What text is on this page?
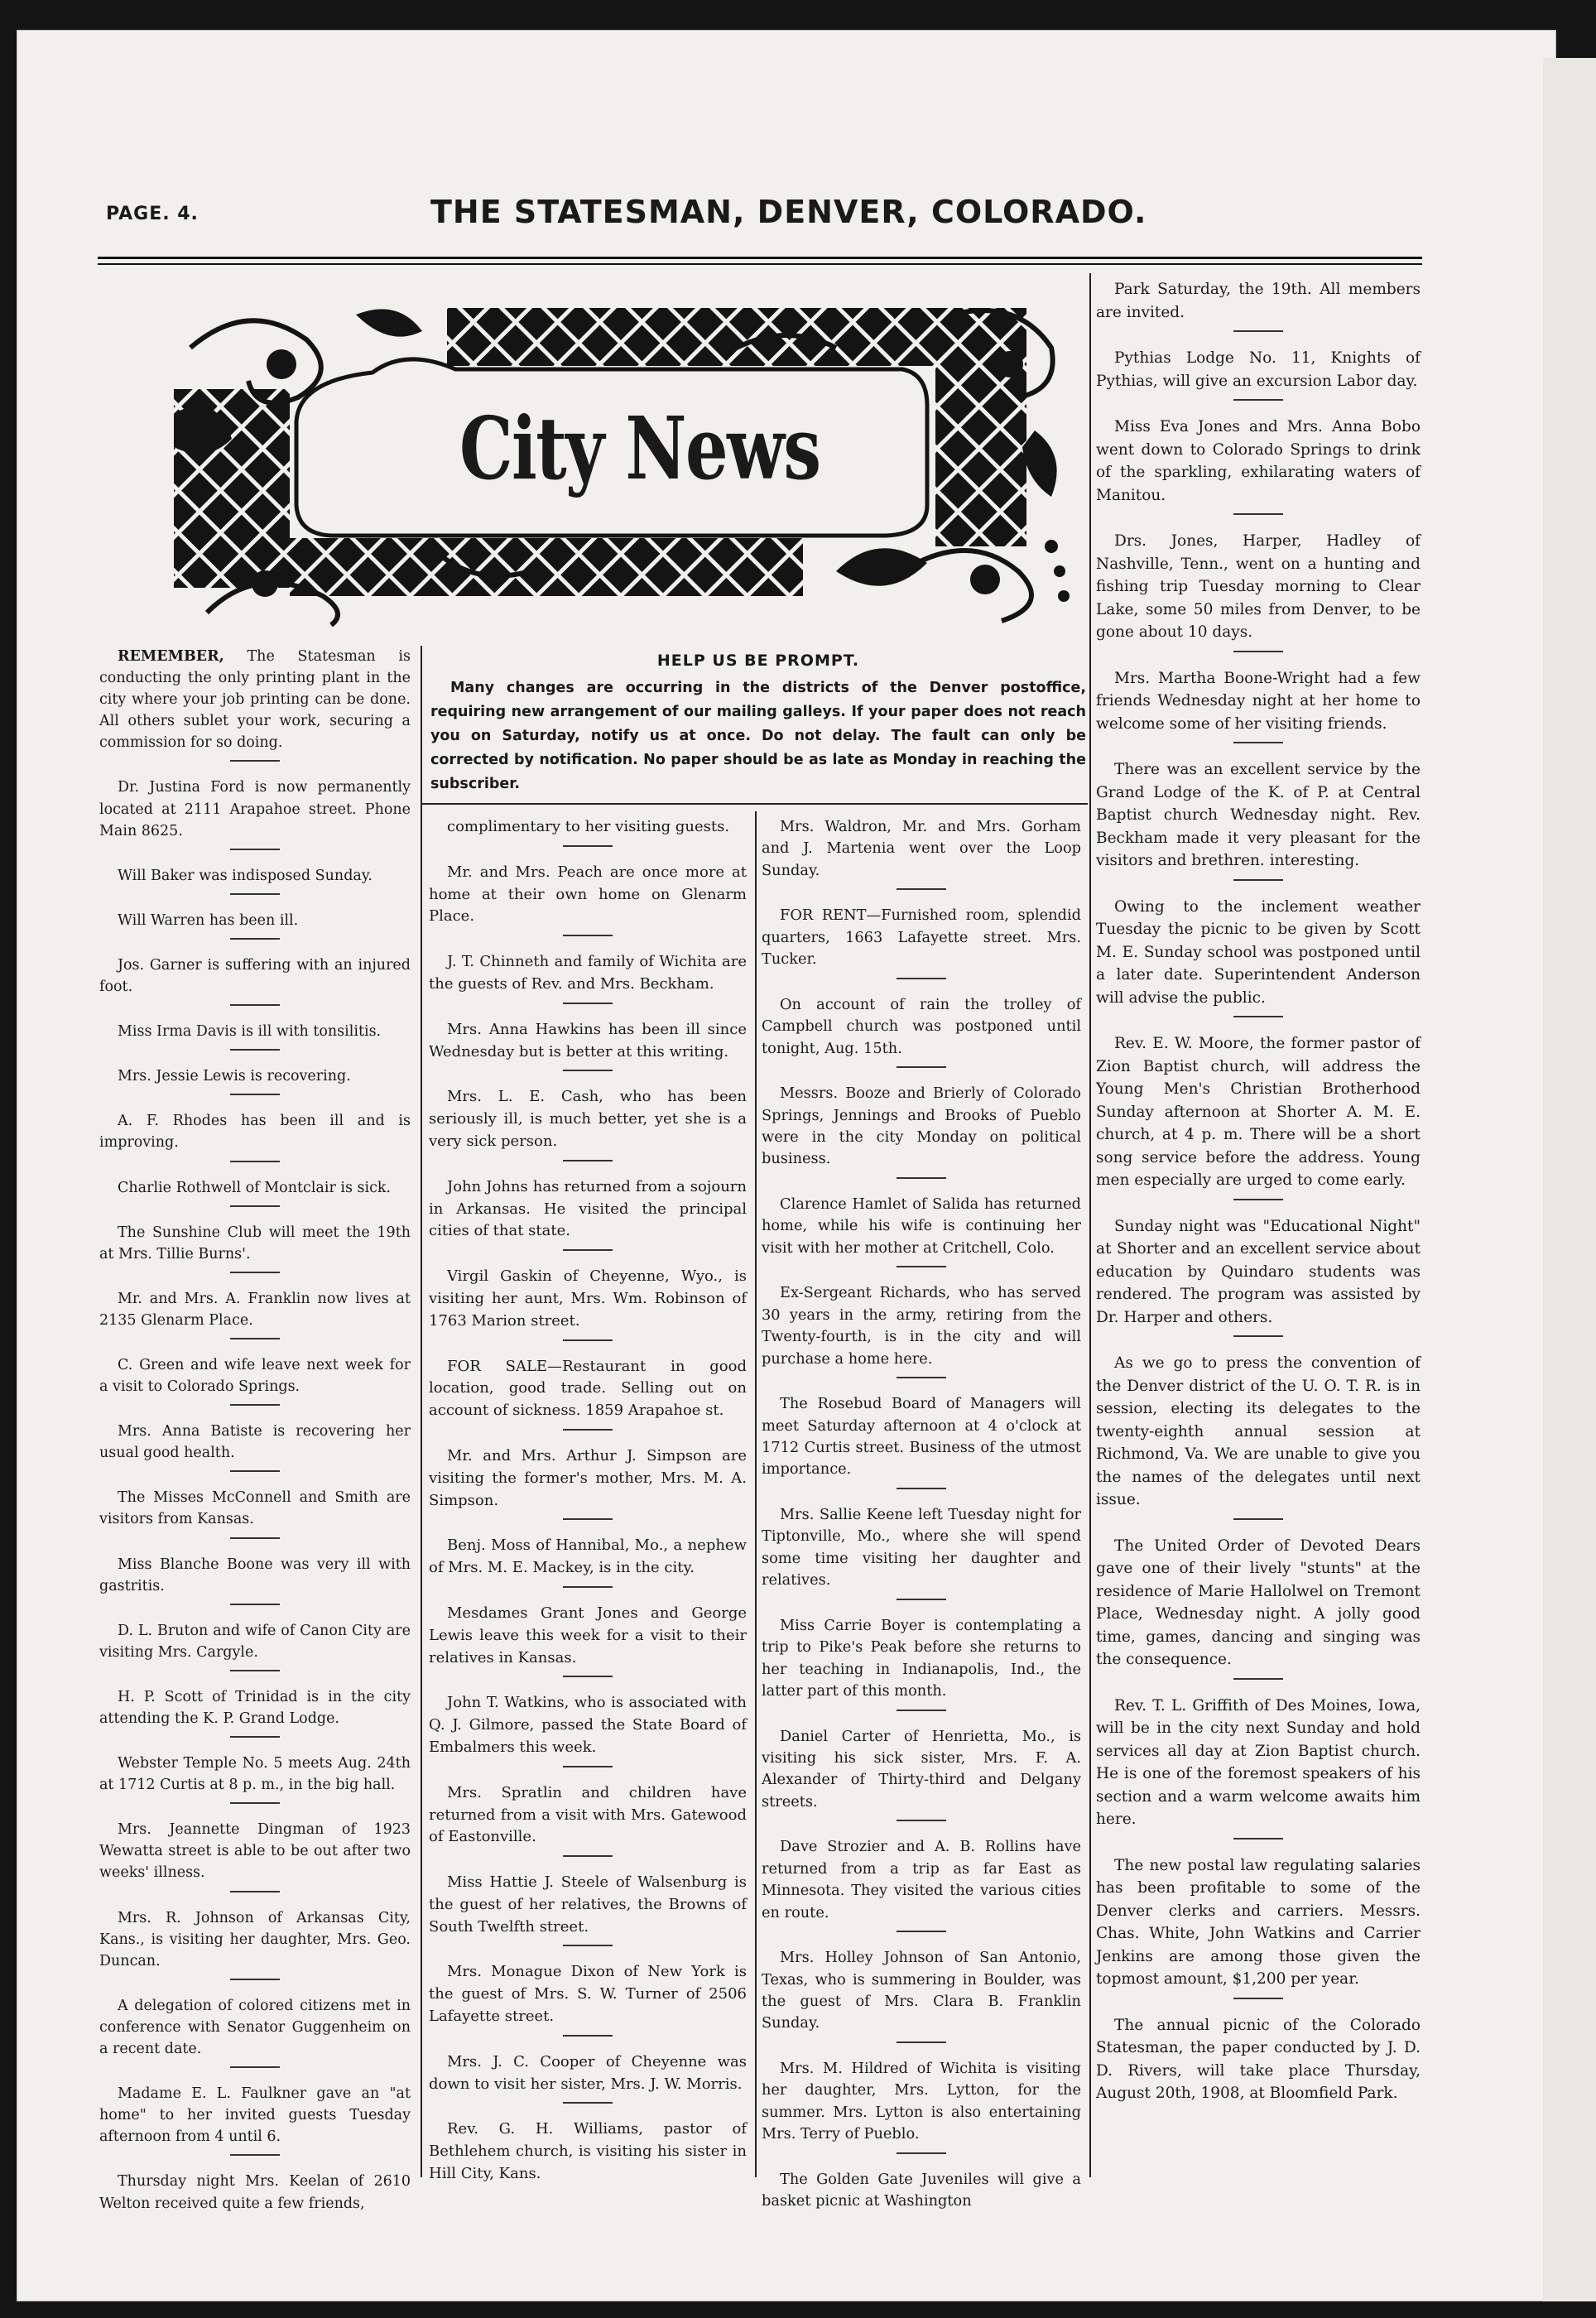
PAGE. 4.	THE STATESMAN, DENVER, COLORADO.
City News
HELP US BE PROMPT.
Many changes are occurring in the districts of the Denver postoffice, requiring new arrangement of our mailing galleys. If your paper does not reach you on Saturday, notify us at once. Do not delay. The fault can only be corrected by notification. No paper should be as late as Monday in reaching the subscriber.

REMEMBER, The Statesman is conducting the only printing plant in the city where your job printing can be done. All others sublet your work, securing a commission for so doing.

Dr. Justina Ford is now permanently located at 2111 Arapahoe street. Phone Main 8625.

Will Baker was indisposed Sunday.

Will Warren has been ill.

Jos. Garner is suffering with an injured foot.

Miss Irma Davis is ill with tonsilitis.

Mrs. Jessie Lewis is recovering.

A. F. Rhodes has been ill and is improving.

Charlie Rothwell of Montclair is sick.

The Sunshine Club will meet the 19th at Mrs. Tillie Burns'.

Mr. and Mrs. A. Franklin now lives at 2135 Glenarm Place.

C. Green and wife leave next week for a visit to Colorado Springs.

Mrs. Anna Batiste is recovering her usual good health.

The Misses McConnell and Smith are visitors from Kansas.

Miss Blanche Boone was very ill with gastritis.

D. L. Bruton and wife of Canon City are visiting Mrs. Cargyle.

H. P. Scott of Trinidad is in the city attending the K. P. Grand Lodge.

Webster Temple No. 5 meets Aug. 24th at 1712 Curtis at 8 p. m., in the big hall.

Mrs. Jeannette Dingman of 1923 Wewatta street is able to be out after two weeks' illness.

Mrs. R. Johnson of Arkansas City, Kans., is visiting her daughter, Mrs. Geo. Duncan.

A delegation of colored citizens met in conference with Senator Guggenheim on a recent date.

Madame E. L. Faulkner gave an "at home" to her invited guests Tuesday afternoon from 4 until 6.

Thursday night Mrs. Keelan of 2610 Welton received quite a few friends,

complimentary to her visiting guests.

Mr. and Mrs. Peach are once more at home at their own home on Glenarm Place.

J. T. Chinneth and family of Wichita are the guests of Rev. and Mrs. Beckham.

Mrs. Anna Hawkins has been ill since Wednesday but is better at this writing.

Mrs. L. E. Cash, who has been seriously ill, is much better, yet she is a very sick person.

John Johns has returned from a sojourn in Arkansas. He visited the principal cities of that state.

Virgil Gaskin of Cheyenne, Wyo., is visiting her aunt, Mrs. Wm. Robinson of 1763 Marion street.

FOR SALE—Restaurant in good location, good trade. Selling out on account of sickness. 1859 Arapahoe st.

Mr. and Mrs. Arthur J. Simpson are visiting the former's mother, Mrs. M. A. Simpson.

Benj. Moss of Hannibal, Mo., a nephew of Mrs. M. E. Mackey, is in the city.

Mesdames Grant Jones and George Lewis leave this week for a visit to their relatives in Kansas.

John T. Watkins, who is associated with Q. J. Gilmore, passed the State Board of Embalmers this week.

Mrs. Spratlin and children have returned from a visit with Mrs. Gatewood of Eastonville.

Miss Hattie J. Steele of Walsenburg is the guest of her relatives, the Browns of South Twelfth street.

Mrs. Monague Dixon of New York is the guest of Mrs. S. W. Turner of 2506 Lafayette street.

Mrs. J. C. Cooper of Cheyenne was down to visit her sister, Mrs. J. W. Morris.

Rev. G. H. Williams, pastor of Bethlehem church, is visiting his sister in Hill City, Kans.

Mrs. Waldron, Mr. and Mrs. Gorham and J. Martenia went over the Loop Sunday.

FOR RENT—Furnished room, splendid quarters, 1663 Lafayette street. Mrs. Tucker.

On account of rain the trolley of Campbell church was postponed until tonight, Aug. 15th.

Messrs. Booze and Brierly of Colorado Springs, Jennings and Brooks of Pueblo were in the city Monday on political business.

Clarence Hamlet of Salida has returned home, while his wife is continuing her visit with her mother at Critchell, Colo.

Ex-Sergeant Richards, who has served 30 years in the army, retiring from the Twenty-fourth, is in the city and will purchase a home here.

The Rosebud Board of Managers will meet Saturday afternoon at 4 o'clock at 1712 Curtis street. Business of the utmost importance.

Mrs. Sallie Keene left Tuesday night for Tiptonville, Mo., where she will spend some time visiting her daughter and relatives.

Miss Carrie Boyer is contemplating a trip to Pike's Peak before she returns to her teaching in Indianapolis, Ind., the latter part of this month.

Daniel Carter of Henrietta, Mo., is visiting his sick sister, Mrs. F. A. Alexander of Thirty-third and Delgany streets.

Dave Strozier and A. B. Rollins have returned from a trip as far East as Minnesota. They visited the various cities en route.

Mrs. Holley Johnson of San Antonio, Texas, who is summering in Boulder, was the guest of Mrs. Clara B. Franklin Sunday.

Mrs. M. Hildred of Wichita is visiting her daughter, Mrs. Lytton, for the summer. Mrs. Lytton is also entertaining Mrs. Terry of Pueblo.

The Golden Gate Juveniles will give a basket picnic at Washington

Park Saturday, the 19th. All members are invited.

Pythias Lodge No. 11, Knights of Pythias, will give an excursion Labor day.

Miss Eva Jones and Mrs. Anna Bobo went down to Colorado Springs to drink of the sparkling, exhilarating waters of Manitou.

Drs. Jones, Harper, Hadley of Nashville, Tenn., went on a hunting and fishing trip Tuesday morning to Clear Lake, some 50 miles from Denver, to be gone about 10 days.

Mrs. Martha Boone-Wright had a few friends Wednesday night at her home to welcome some of her visiting friends.

There was an excellent service by the Grand Lodge of the K. of P. at Central Baptist church Wednesday night. Rev. Beckham made it very pleasant for the visitors and brethren. interesting.

Owing to the inclement weather Tuesday the picnic to be given by Scott M. E. Sunday school was postponed until a later date. Superintendent Anderson will advise the public.

Rev. E. W. Moore, the former pastor of Zion Baptist church, will address the Young Men's Christian Brotherhood Sunday afternoon at Shorter A. M. E. church, at 4 p. m. There will be a short song service before the address. Young men especially are urged to come early.

Sunday night was "Educational Night" at Shorter and an excellent service about education by Quindaro students was rendered. The program was assisted by Dr. Harper and others.

As we go to press the convention of the Denver district of the U. O. T. R. is in session, electing its delegates to the twenty-eighth annual session at Richmond, Va. We are unable to give you the names of the delegates until next issue.

The United Order of Devoted Dears gave one of their lively "stunts" at the residence of Marie Hallolwel on Tremont Place, Wednesday night. A jolly good time, games, dancing and singing was the consequence.

Rev. T. L. Griffith of Des Moines, Iowa, will be in the city next Sunday and hold services all day at Zion Baptist church. He is one of the foremost speakers of his section and a warm welcome awaits him here.

The new postal law regulating salaries has been profitable to some of the Denver clerks and carriers. Messrs. Chas. White, John Watkins and Carrier Jenkins are among those given the topmost amount, $1,200 per year.

The annual picnic of the Colorado Statesman, the paper conducted by J. D. D. Rivers, will take place Thursday, August 20th, 1908, at Bloomfield Park.
